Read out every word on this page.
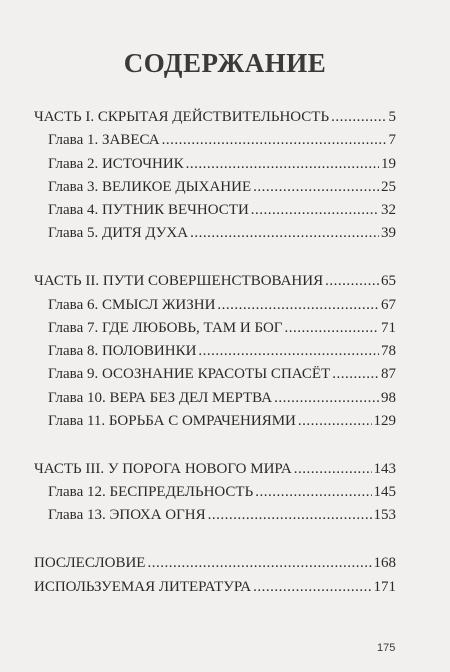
СОДЕРЖАНИЕ
ЧАСТЬ I. СКРЫТАЯ ДЕЙСТВИТЕЛЬНОСТЬ .....	5
Глава 1. ЗАВЕСА .....	7
Глава 2. ИСТОЧНИК .....	19
Глава 3. ВЕЛИКОЕ ДЫХАНИЕ .....	25
Глава 4. ПУТНИК ВЕЧНОСТИ .....	32
Глава 5. ДИТЯ ДУХА .....	39
ЧАСТЬ II. ПУТИ СОВЕРШЕНСТВОВАНИЯ .....	65
Глава 6. СМЫСЛ ЖИЗНИ .....	67
Глава 7. ГДЕ ЛЮБОВЬ, ТАМ И БОГ .....	71
Глава 8. ПОЛОВИНКИ .....	78
Глава 9. ОСОЗНАНИЕ КРАСОТЫ СПАСЁТ .....	87
Глава 10. ВЕРА БЕЗ ДЕЛ МЕРТВА .....	98
Глава 11. БОРЬБА С ОМРАЧЕНИЯМИ .....	129
ЧАСТЬ III. У ПОРОГА НОВОГО МИРА .....	143
Глава 12. БЕСПРЕДЕЛЬНОСТЬ .....	145
Глава 13. ЭПОХА ОГНЯ .....	153
ПОСЛЕСЛОВИЕ .....	168
ИСПОЛЬЗУЕМАЯ ЛИТЕРАТУРА .....	171
175
